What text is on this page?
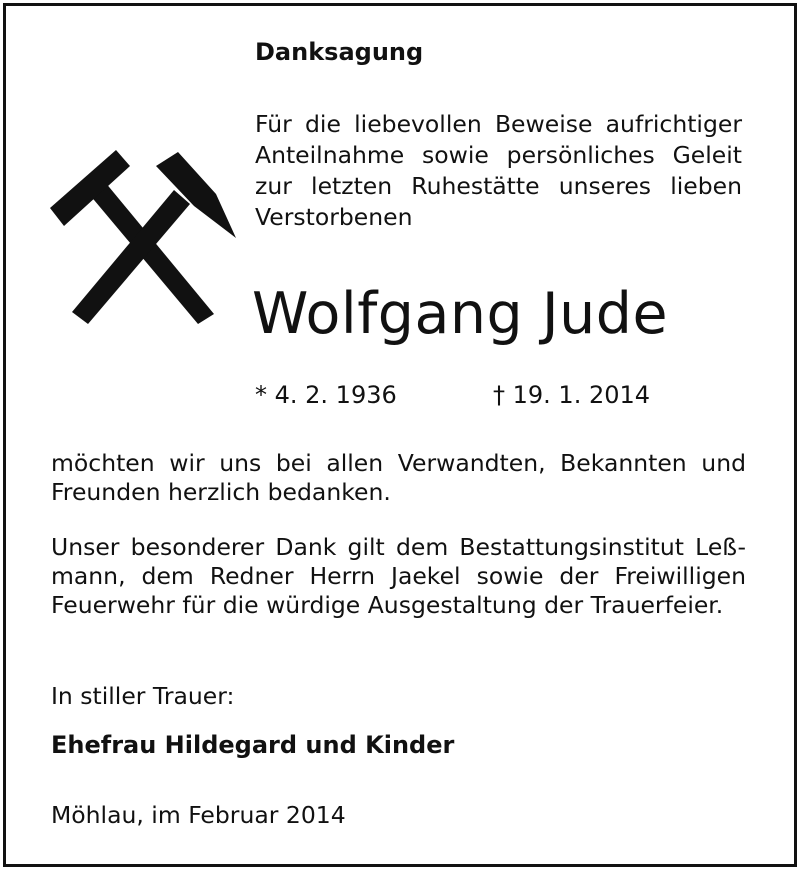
Danksagung
Für die liebevollen Beweise aufrichtiger
Anteilnahme sowie persönliches Geleit
zur letzten Ruhestätte unseres lieben
Verstorbenen
Wolfgang Jude
* 4. 2. 1936	† 19. 1. 2014
möchten wir uns bei allen Verwandten, Bekannten und
Freunden herzlich bedanken.
Unser besonderer Dank gilt dem Bestattungsinstitut Leß-
mann, dem Redner Herrn Jaekel sowie der Freiwilligen
Feuerwehr für die würdige Ausgestaltung der Trauerfeier.
In stiller Trauer:
Ehefrau Hildegard und Kinder
Möhlau, im Februar 2014
